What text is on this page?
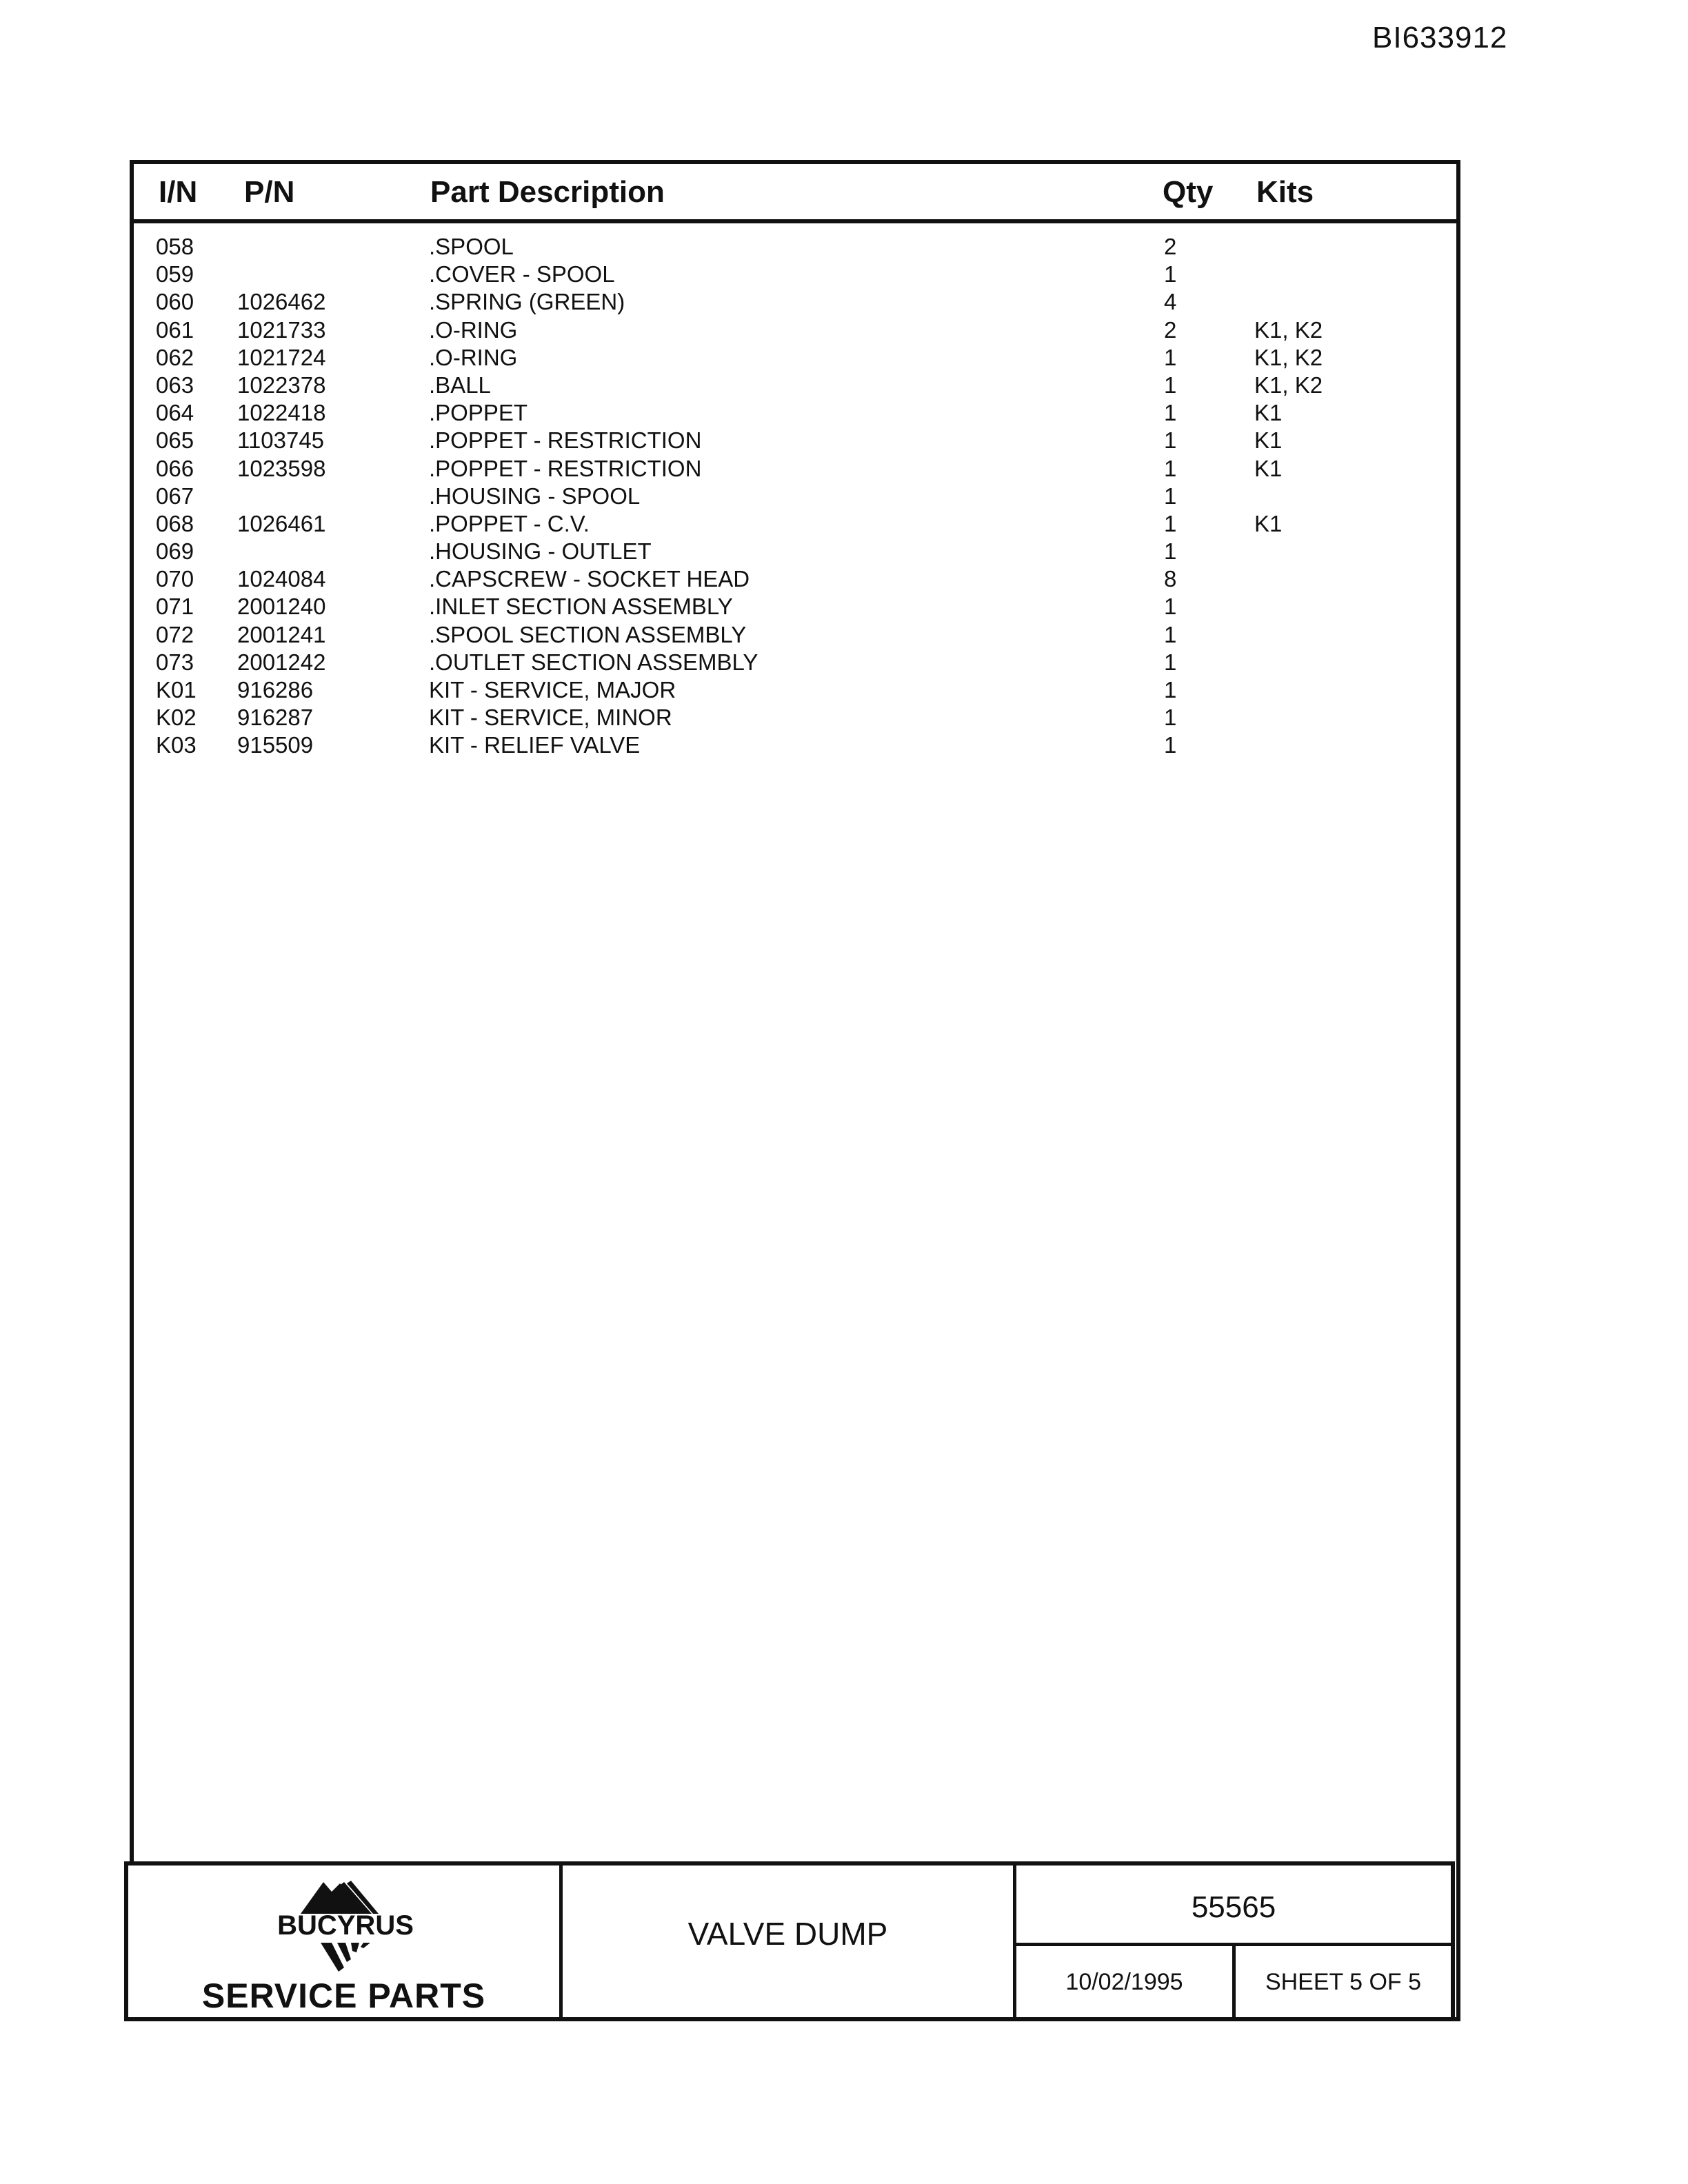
BI633912
I/N P/N	Part Description	Qty Kits
058	.SPOOL	2
059	.COVER - SPOOL	1
060 1026462	.SPRING (GREEN)	4
061 1021733	.O-RING	2	K1, K2
062 1021724	.O-RING	1	K1, K2
063 1022378	.BALL	1	K1, K2
064 1022418	.POPPET	1	K1
065 1103745	.POPPET - RESTRICTION	1	K1
066 1023598	.POPPET - RESTRICTION	1	K1
067	.HOUSING - SPOOL	1
068 1026461	.POPPET - C.V.	1	K1
069	.HOUSING - OUTLET	1
070 1024084	.CAPSCREW - SOCKET HEAD	8
071 2001240	.INLET SECTION ASSEMBLY	1
072 2001241	.SPOOL SECTION ASSEMBLY	1
073 2001242	.OUTLET SECTION ASSEMBLY	1
K01 916286	KIT - SERVICE, MAJOR	1
K02 916287	KIT - SERVICE, MINOR	1
K03 915509	KIT - RELIEF VALVE	1
BUCYRUS
SERVICE PARTS
VALVE DUMP
55565
10/02/1995	SHEET 5 OF 5
